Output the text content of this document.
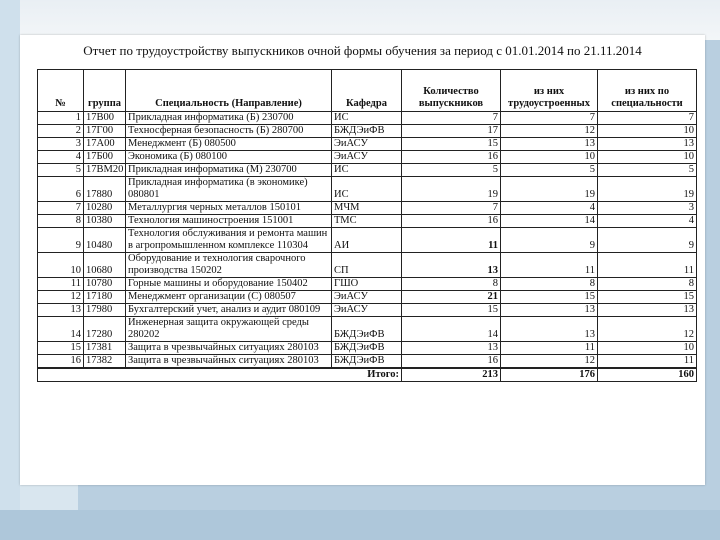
Отчет по трудоустройству выпускников очной формы обучения за период с 01.01.2014 по 21.11.2014
№	группа	Специальность (Направление)	Кафедра	Количество выпускников	из них трудоустроенных	из них по специальности
1	17В00	Прикладная информатика (Б) 230700	ИС	7	7	7
2	17Г00	Техносферная безопасность (Б) 280700	БЖДЭиФВ	17	12	10
3	17А00	Менеджмент (Б) 080500	ЭиАСУ	15	13	13
4	17Б00	Экономика (Б) 080100	ЭиАСУ	16	10	10
5	17ВМ20	Прикладная информатика (М) 230700	ИС	5	5	5
6	17880	Прикладная информатика (в экономике) 080801	ИС	19	19	19
7	10280	Металлургия черных металлов 150101	МЧМ	7	4	3
8	10380	Технология машиностроения 151001	ТМС	16	14	4
9	10480	Технология обслуживания и ремонта машин в агропромышленном комплексе 110304	АИ	11	9	9
10	10680	Оборудование и технология сварочного производства 150202	СП	13	11	11
11	10780	Горные машины и оборудование 150402	ГШО	8	8	8
12	17180	Менеджмент организации (С) 080507	ЭиАСУ	21	15	15
13	17980	Бухгалтерский учет, анализ и аудит 080109	ЭиАСУ	15	13	13
14	17280	Инженерная защита окружающей среды 280202	БЖДЭиФВ	14	13	12
15	17381	Защита в чрезвычайных ситуациях 280103	БЖДЭиФВ	13	11	10
16	17382	Защита в чрезвычайных ситуациях 280103	БЖДЭиФВ	16	12	11
Итого:				213	176	160
